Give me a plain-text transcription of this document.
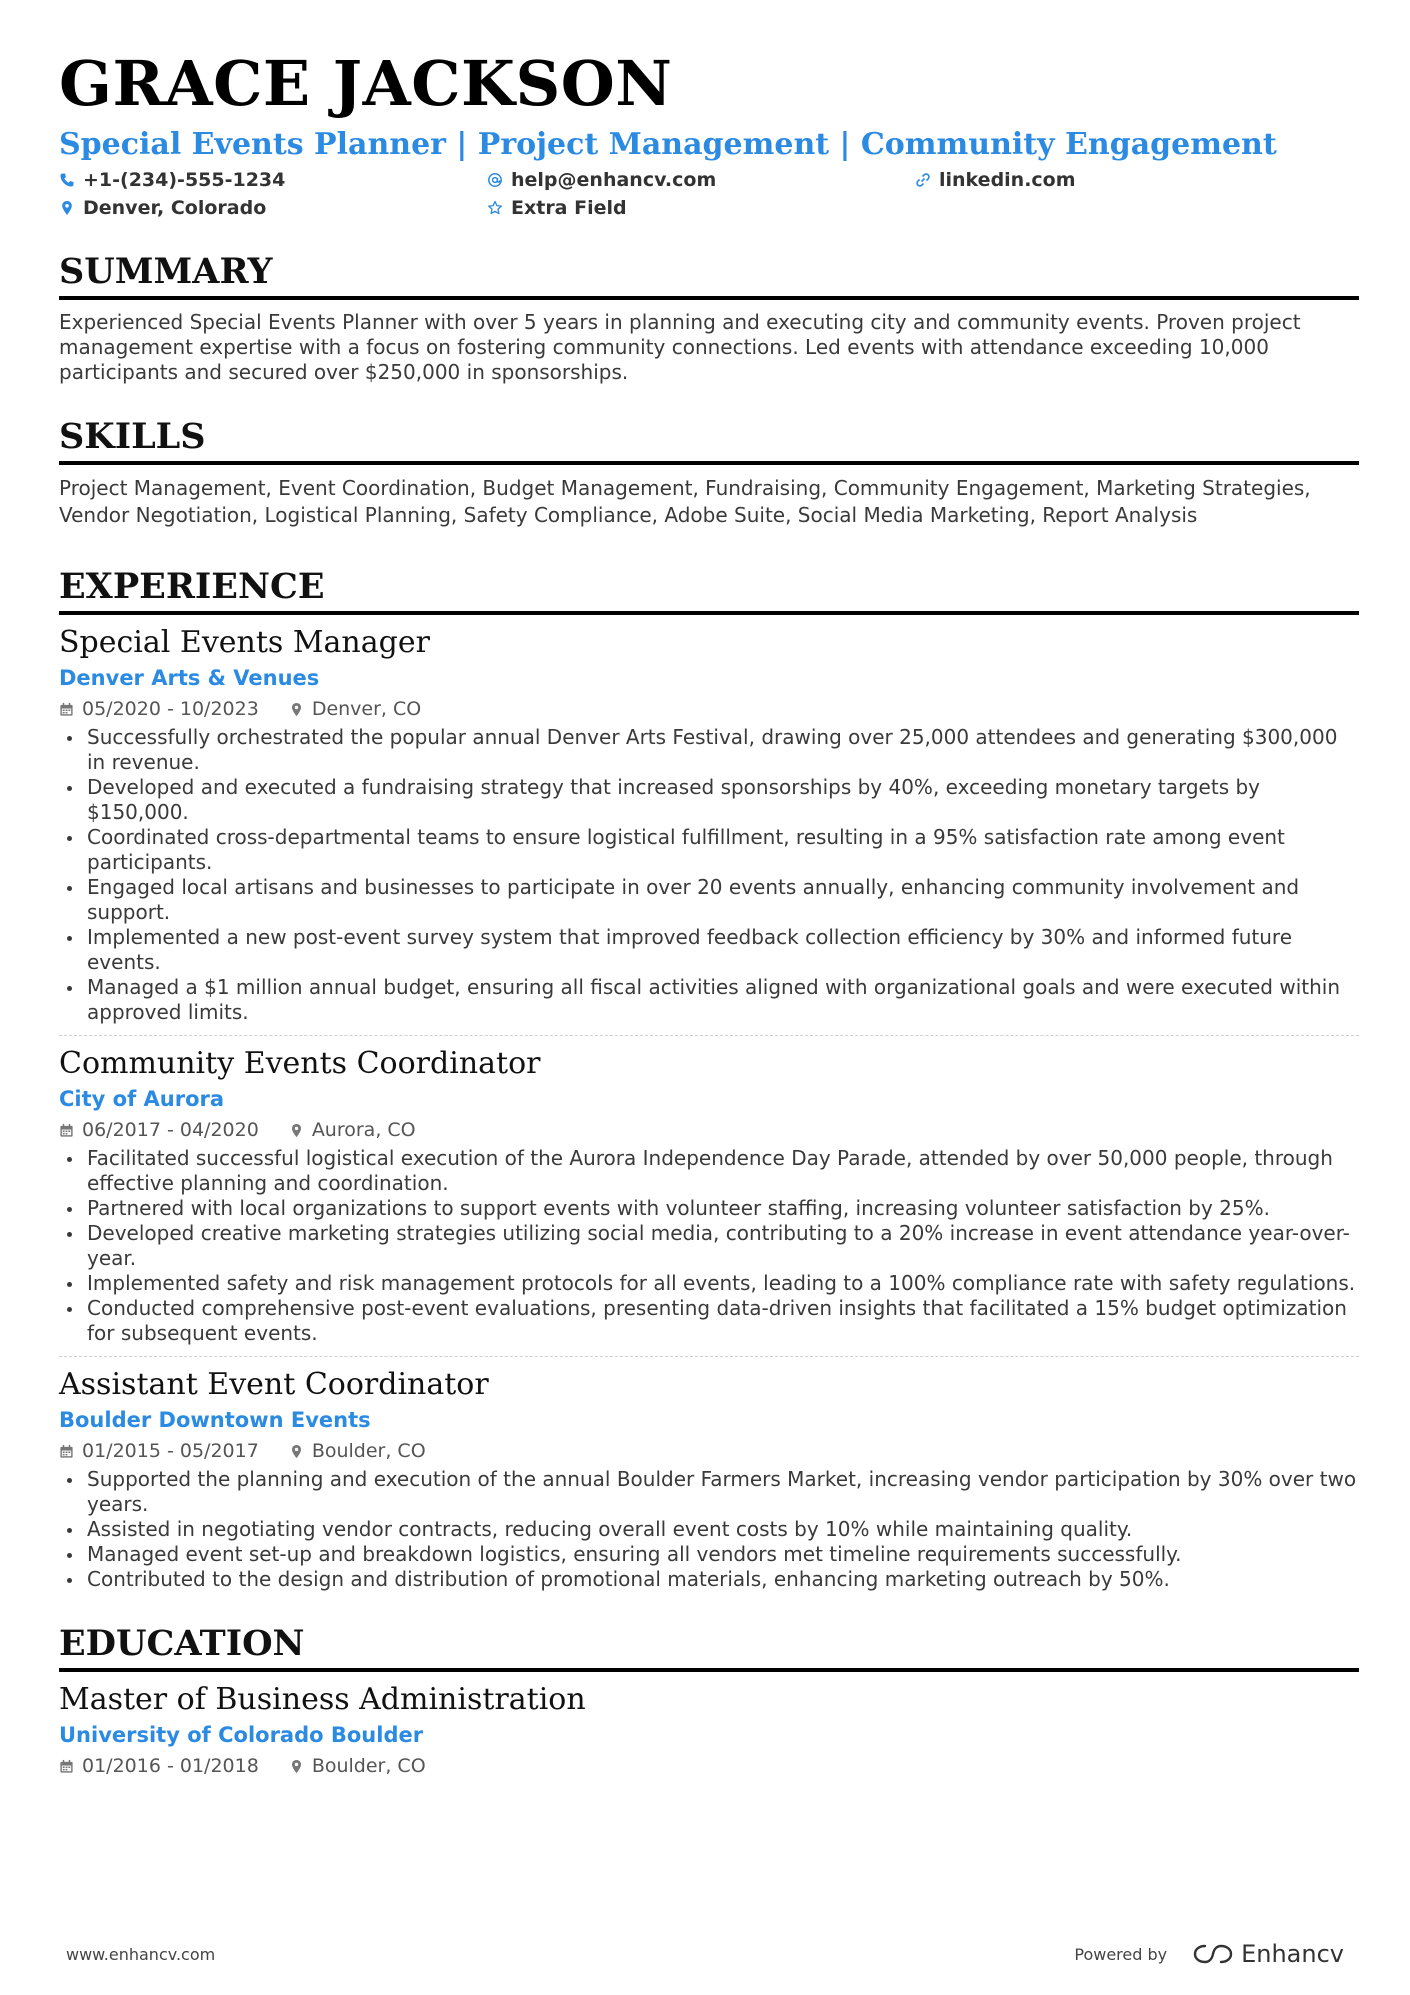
GRACE JACKSON
Special Events Planner | Project Management | Community Engagement
+1-(234)-555-1234	help@enhancv.com	linkedin.com
Denver, Colorado	Extra Field
SUMMARY

Experienced Special Events Planner with over 5 years in planning and executing city and community events. Proven project management expertise with a focus on fostering community connections. Led events with attendance exceeding 10,000 participants and secured over $250,000 in sponsorships.

SKILLS

Project Management, Event Coordination, Budget Management, Fundraising, Community Engagement, Marketing Strategies, Vendor Negotiation, Logistical Planning, Safety Compliance, Adobe Suite, Social Media Marketing, Report Analysis

EXPERIENCE
Special Events Manager
Denver Arts & Venues
05/2020 - 10/2023	Denver, CO
Successfully orchestrated the popular annual Denver Arts Festival, drawing over 25,000 attendees and generating $300,000 in revenue.
Developed and executed a fundraising strategy that increased sponsorships by 40%, exceeding monetary targets by $150,000.
Coordinated cross-departmental teams to ensure logistical fulfillment, resulting in a 95% satisfaction rate among event participants.
Engaged local artisans and businesses to participate in over 20 events annually, enhancing community involvement and support.
Implemented a new post-event survey system that improved feedback collection efficiency by 30% and informed future events.
Managed a $1 million annual budget, ensuring all fiscal activities aligned with organizational goals and were executed within approved limits.
Community Events Coordinator
City of Aurora
06/2017 - 04/2020	Aurora, CO
Facilitated successful logistical execution of the Aurora Independence Day Parade, attended by over 50,000 people, through effective planning and coordination.
Partnered with local organizations to support events with volunteer staffing, increasing volunteer satisfaction by 25%.
Developed creative marketing strategies utilizing social media, contributing to a 20% increase in event attendance year-over-year.
Implemented safety and risk management protocols for all events, leading to a 100% compliance rate with safety regulations.
Conducted comprehensive post-event evaluations, presenting data-driven insights that facilitated a 15% budget optimization for subsequent events.
Assistant Event Coordinator
Boulder Downtown Events
01/2015 - 05/2017	Boulder, CO
Supported the planning and execution of the annual Boulder Farmers Market, increasing vendor participation by 30% over two years.
Assisted in negotiating vendor contracts, reducing overall event costs by 10% while maintaining quality.
Managed event set-up and breakdown logistics, ensuring all vendors met timeline requirements successfully.
Contributed to the design and distribution of promotional materials, enhancing marketing outreach by 50%.
EDUCATION
Master of Business Administration
University of Colorado Boulder
01/2016 - 01/2018	Boulder, CO
www.enhancv.com	Powered by	Enhancv
